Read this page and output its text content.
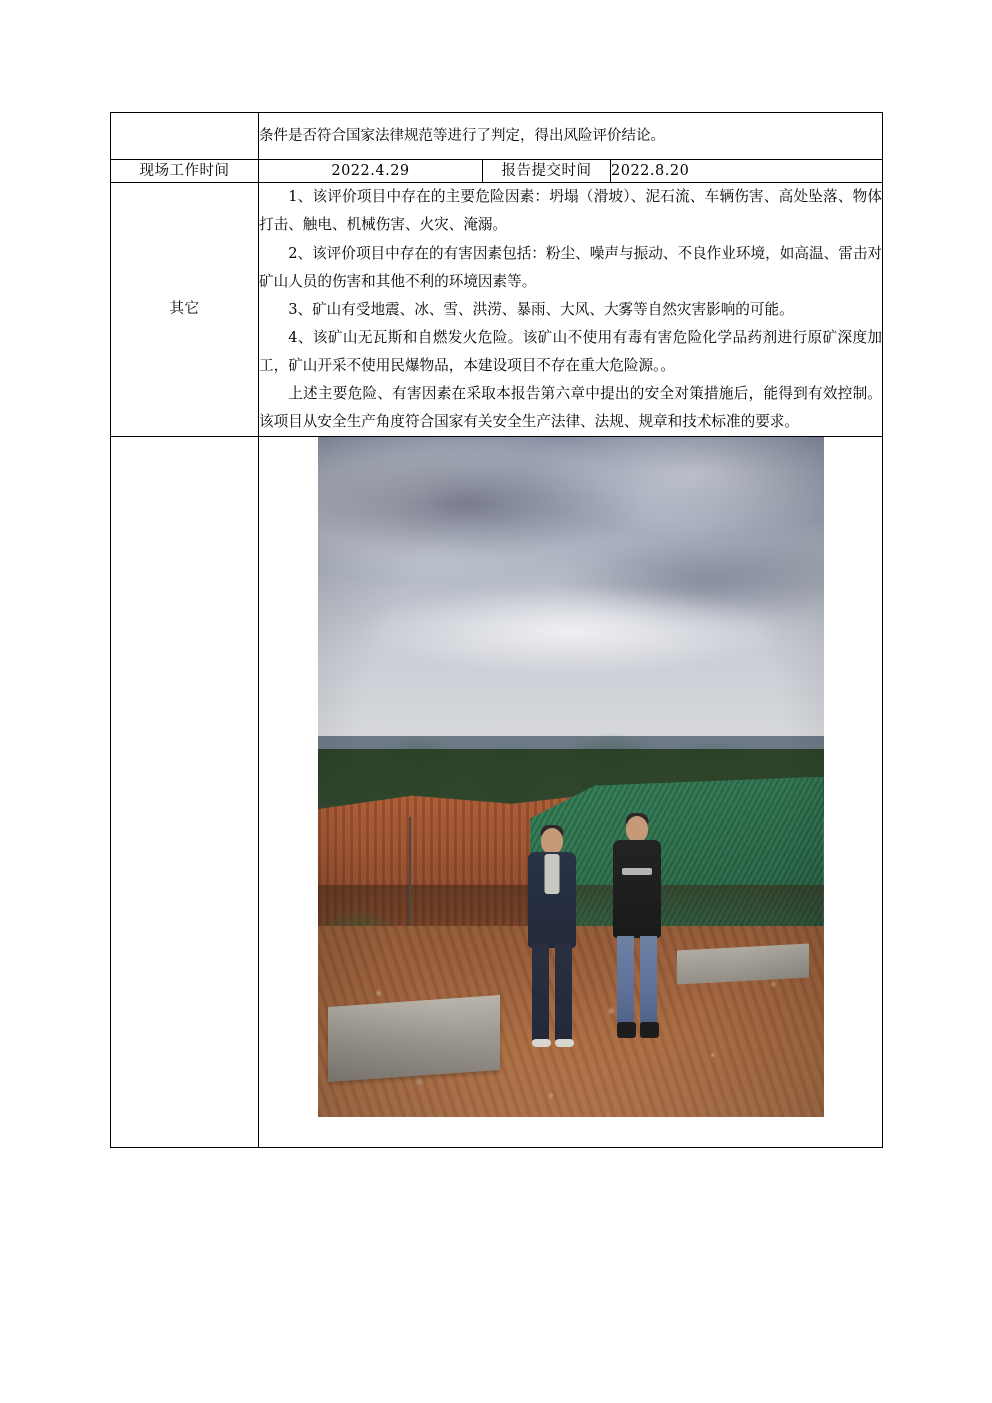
	条件是否符合国家法律规范等进行了判定，得出风险评价结论。		
现场工作时间	2022.4.29	报告提交时间	2022.8.20
其它	1、该评价项目中存在的主要危险因素：坍塌（滑坡）、泥石流、车辆伤害、高处坠落、物体打击、触电、机械伤害、火灾、淹溺。

2、该评价项目中存在的有害因素包括：粉尘、噪声与振动、不良作业环境，如高温、雷击对矿山人员的伤害和其他不利的环境因素等。

3、矿山有受地震、冰、雪、洪涝、暴雨、大风、大雾等自然灾害影响的可能。

4、该矿山无瓦斯和自燃发火危险。该矿山不使用有毒有害危险化学品药剂进行原矿深度加工，矿山开采不使用民爆物品，本建设项目不存在重大危险源。。

上述主要危险、有害因素在采取本报告第六章中提出的安全对策措施后，能得到有效控制。该项目从安全生产角度符合国家有关安全生产法律、法规、规章和技术标准的要求。		
